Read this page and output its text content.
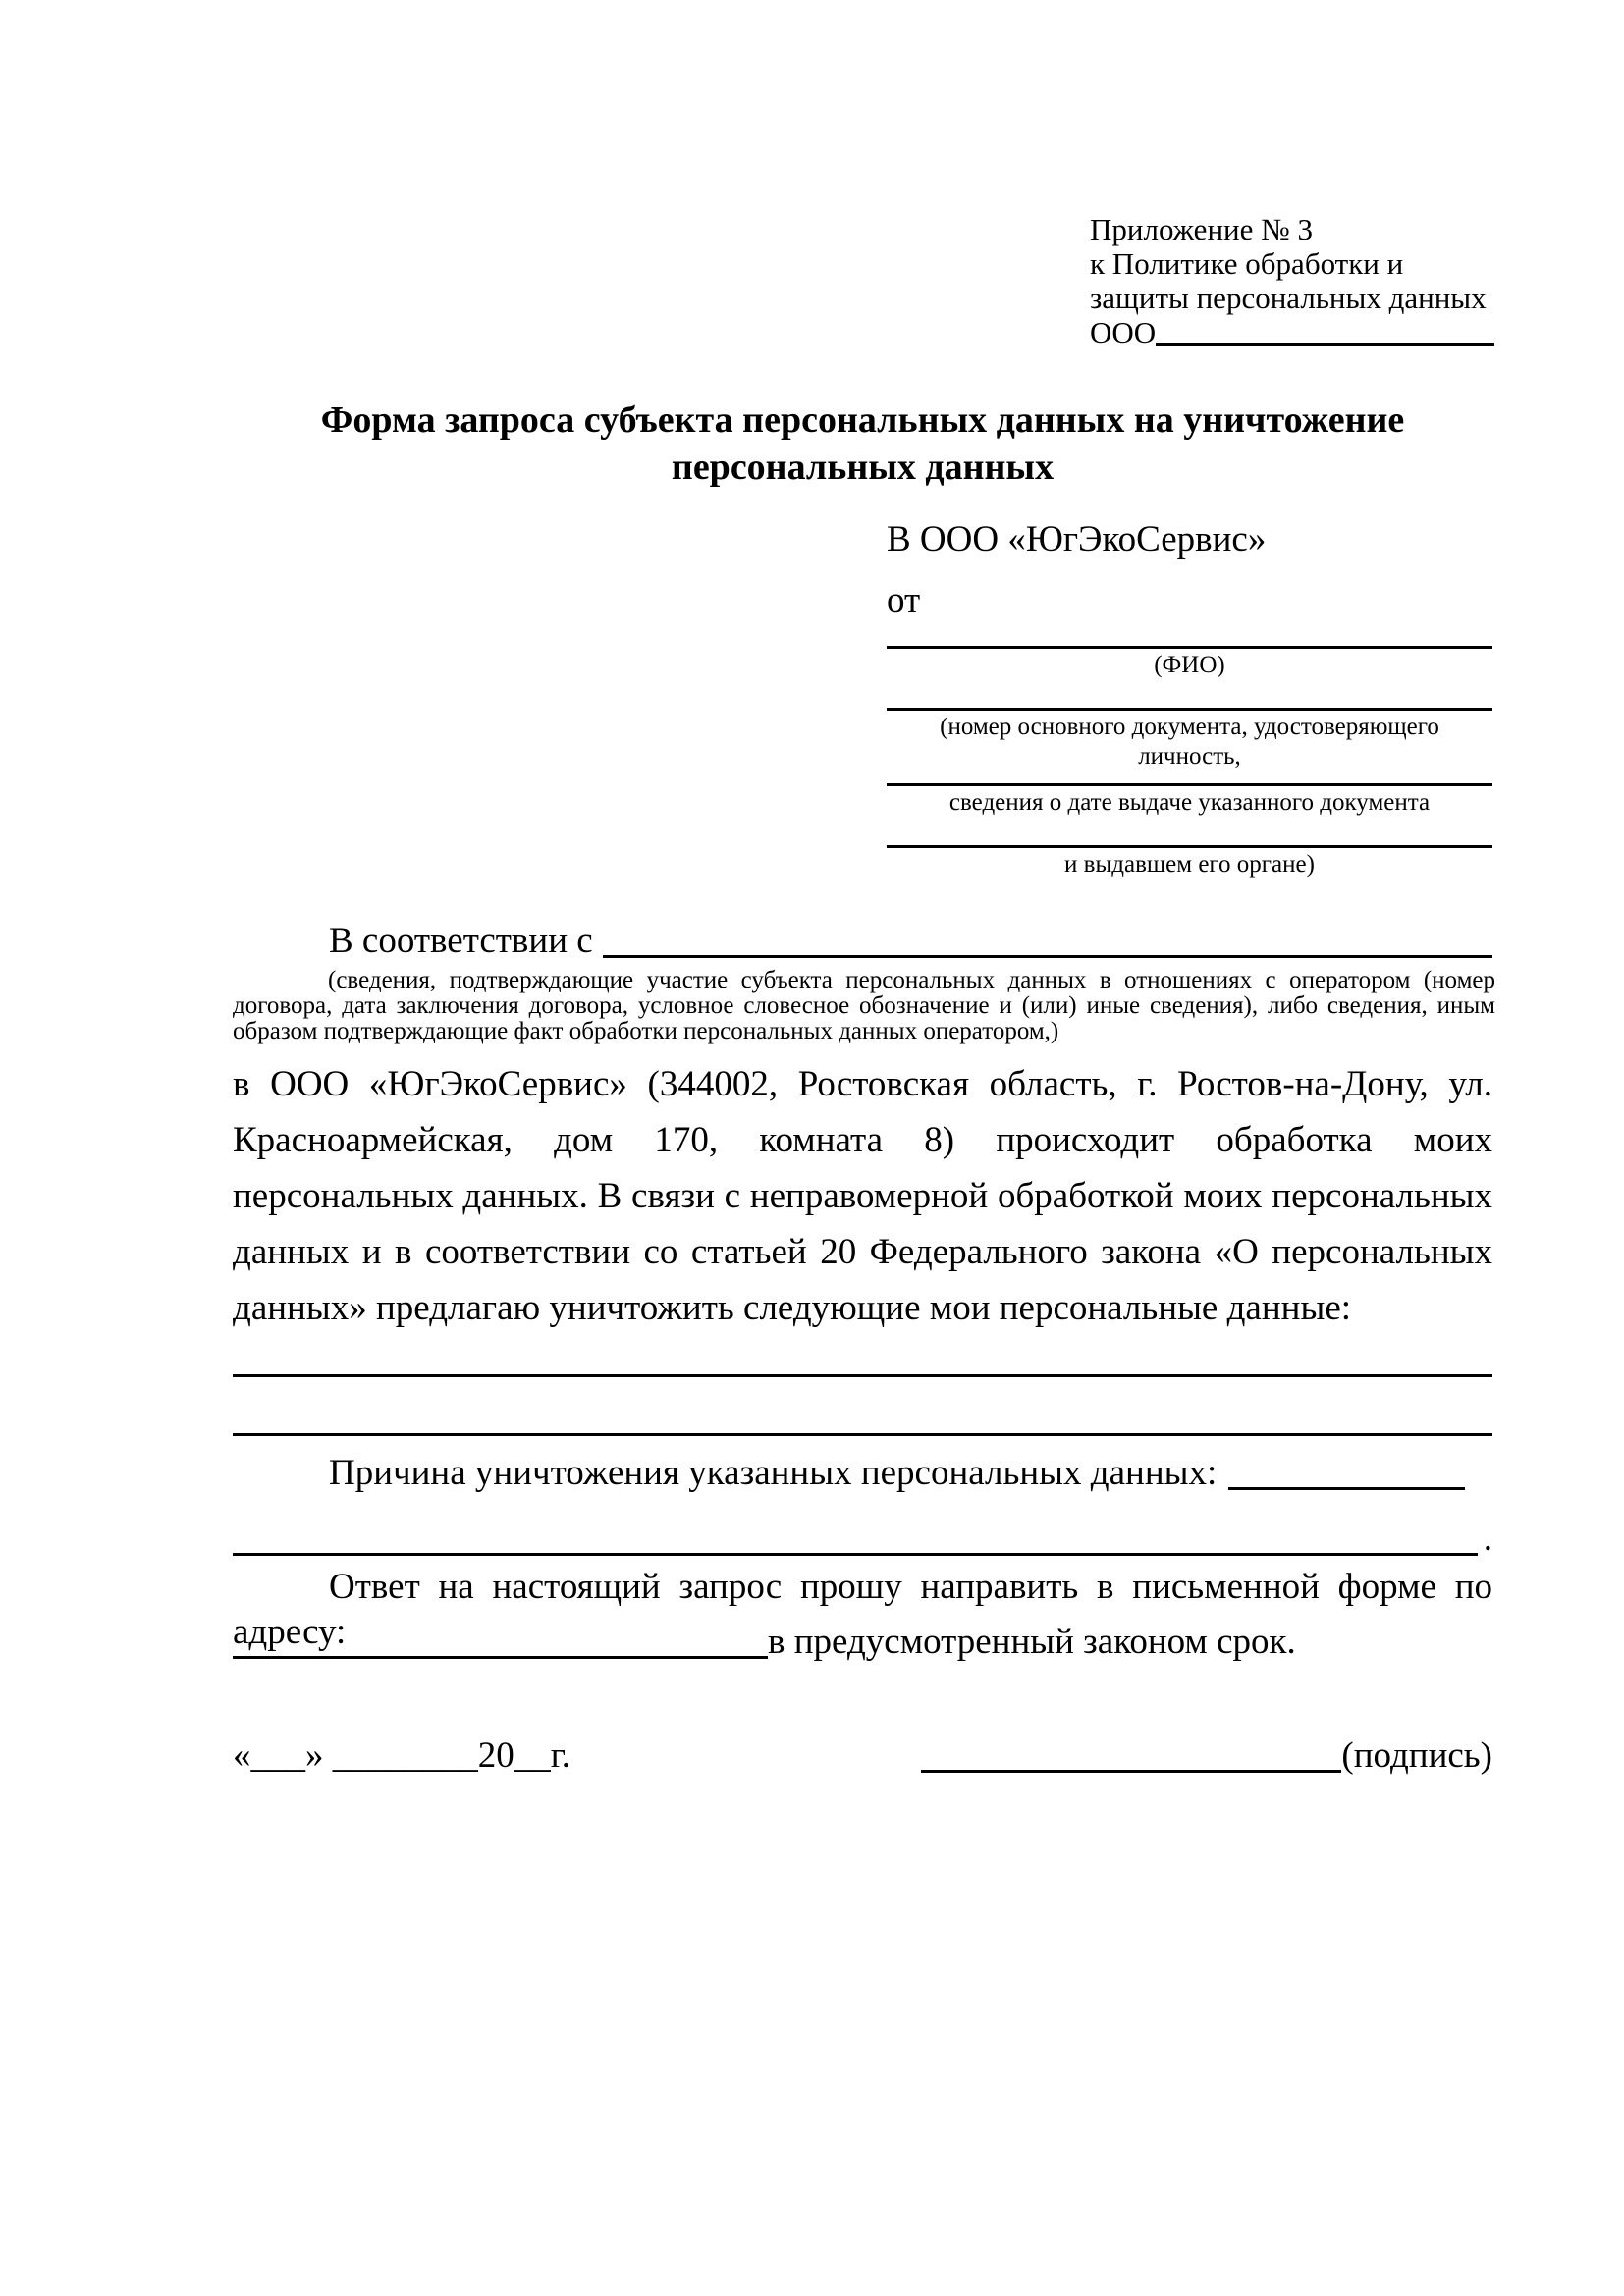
Приложение № 3
к Политике обработки и
защиты персональных данных
ООО
Форма запроса субъекта персональных данных на уничтожение персональных данных
В ООО «ЮгЭкоСервис»
от
(ФИО)
(номер основного документа, удостоверяющего личность,
сведения о дате выдаче указанного документа
и выдавшем его органе)
В соответствии с
(сведения, подтверждающие участие субъекта персональных данных в отношениях с оператором (номер договора, дата заключения договора, условное словесное обозначение и (или) иные сведения), либо сведения, иным образом подтверждающие факт обработки персональных данных оператором,)
в ООО «ЮгЭкоСервис» (344002, Ростовская область, г. Ростов-на-Дону, ул. Красноармейская, дом 170, комната 8) происходит обработка моих персональных данных. В связи с неправомерной обработкой моих персональных данных и в соответствии со статьей 20 Федерального закона «О персональных данных» предлагаю уничтожить следующие мои персональные данные:
Причина уничтожения указанных персональных данных:
.
Ответ на настоящий запрос прошу направить в письменной форме по адресу:	в предусмотренный законом срок.
«___» ________20__г.	(подпись)
